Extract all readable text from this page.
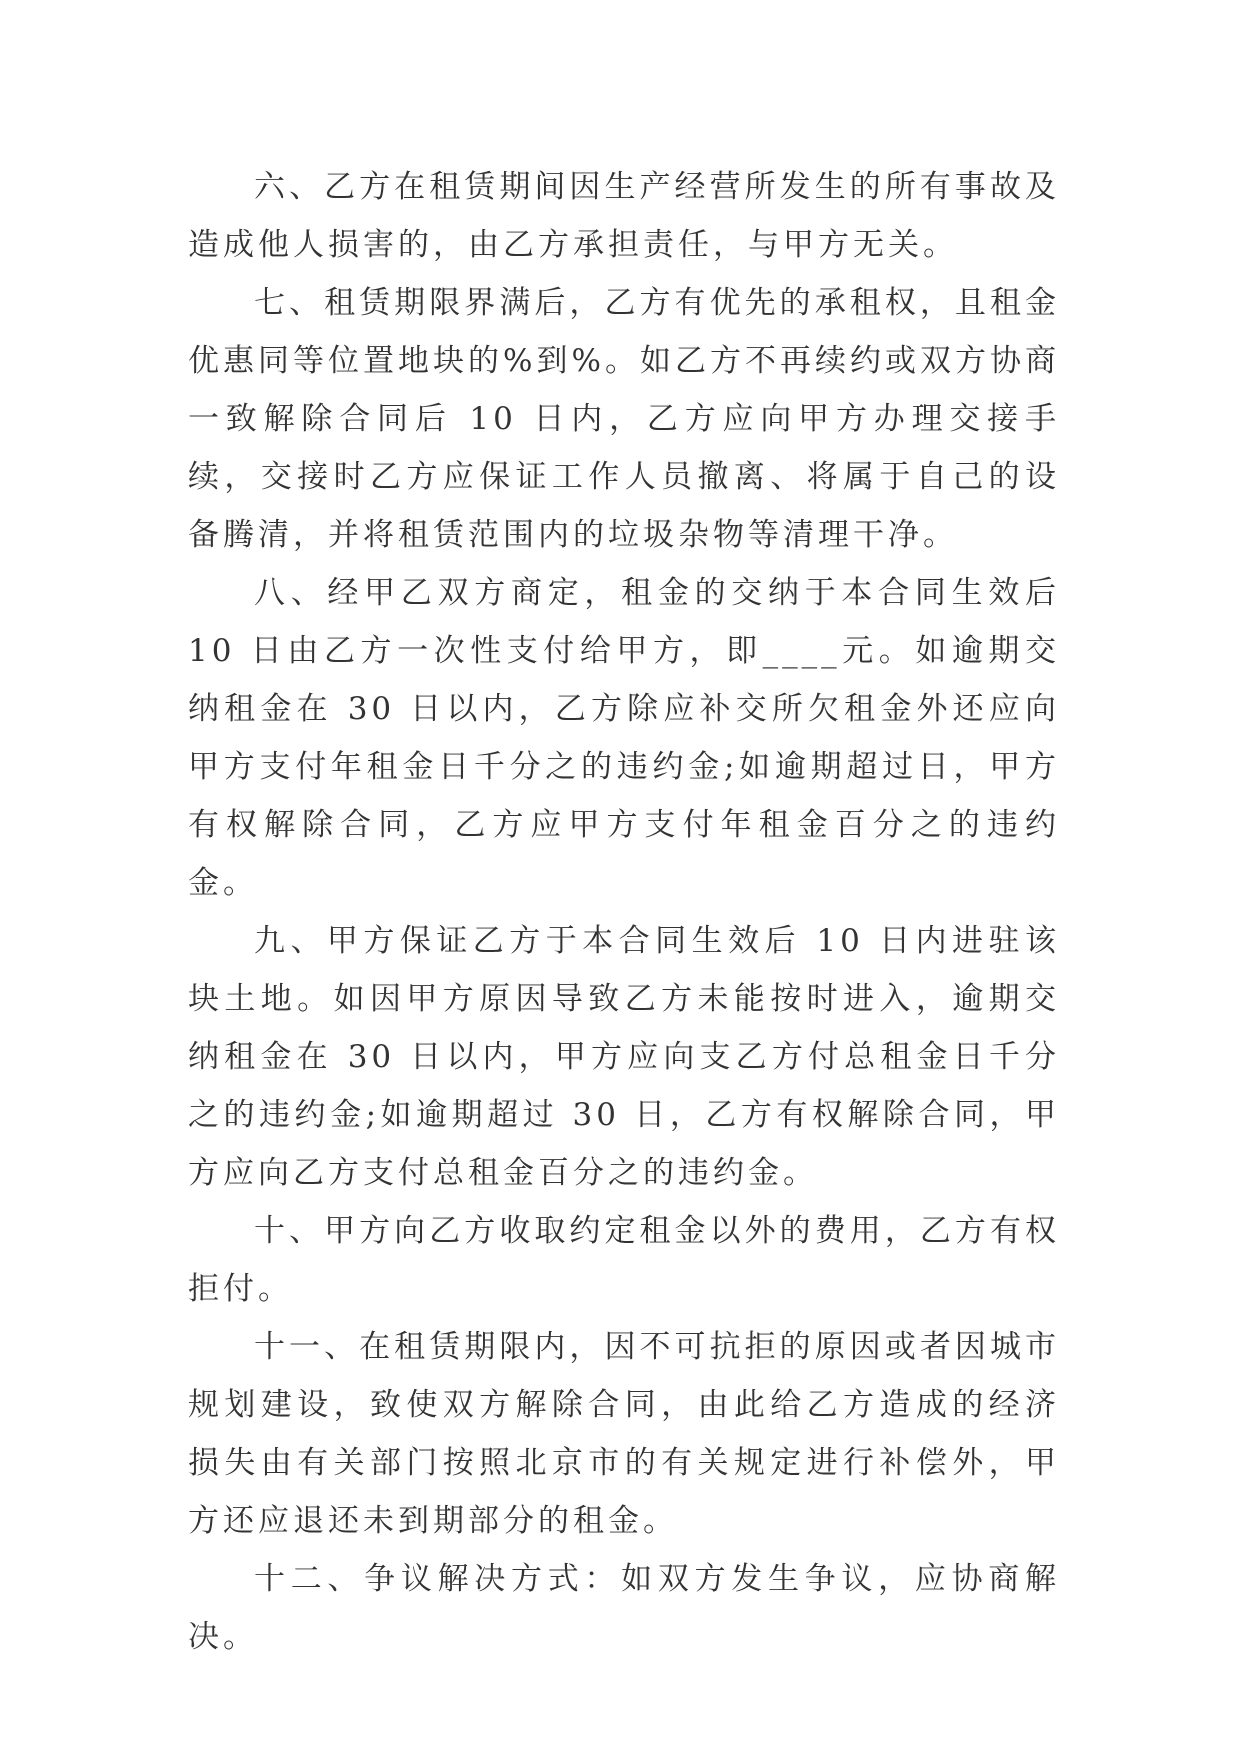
六、乙方在租赁期间因生产经营所发生的所有事故及造成他人损害的，由乙方承担责任，与甲方无关。

七、租赁期限界满后，乙方有优先的承租权，且租金优惠同等位置地块的%到%。如乙方不再续约或双方协商一致解除合同后 10 日内，乙方应向甲方办理交接手续，交接时乙方应保证工作人员撤离、将属于自己的设备腾清，并将租赁范围内的垃圾杂物等清理干净。

八、经甲乙双方商定，租金的交纳于本合同生效后 10 日由乙方一次性支付给甲方，即____元。如逾期交纳租金在 30 日以内，乙方除应补交所欠租金外还应向甲方支付年租金日千分之的违约金;如逾期超过日，甲方有权解除合同，乙方应甲方支付年租金百分之的违约金。

九、甲方保证乙方于本合同生效后 10 日内进驻该块土地。如因甲方原因导致乙方未能按时进入，逾期交纳租金在 30 日以内，甲方应向支乙方付总租金日千分之的违约金;如逾期超过 30 日，乙方有权解除合同，甲方应向乙方支付总租金百分之的违约金。

十、甲方向乙方收取约定租金以外的费用，乙方有权拒付。

十一、在租赁期限内，因不可抗拒的原因或者因城市规划建设，致使双方解除合同，由此给乙方造成的经济损失由有关部门按照北京市的有关规定进行补偿外，甲方还应退还未到期部分的租金。

十二、争议解决方式：如双方发生争议，应协商解决。
